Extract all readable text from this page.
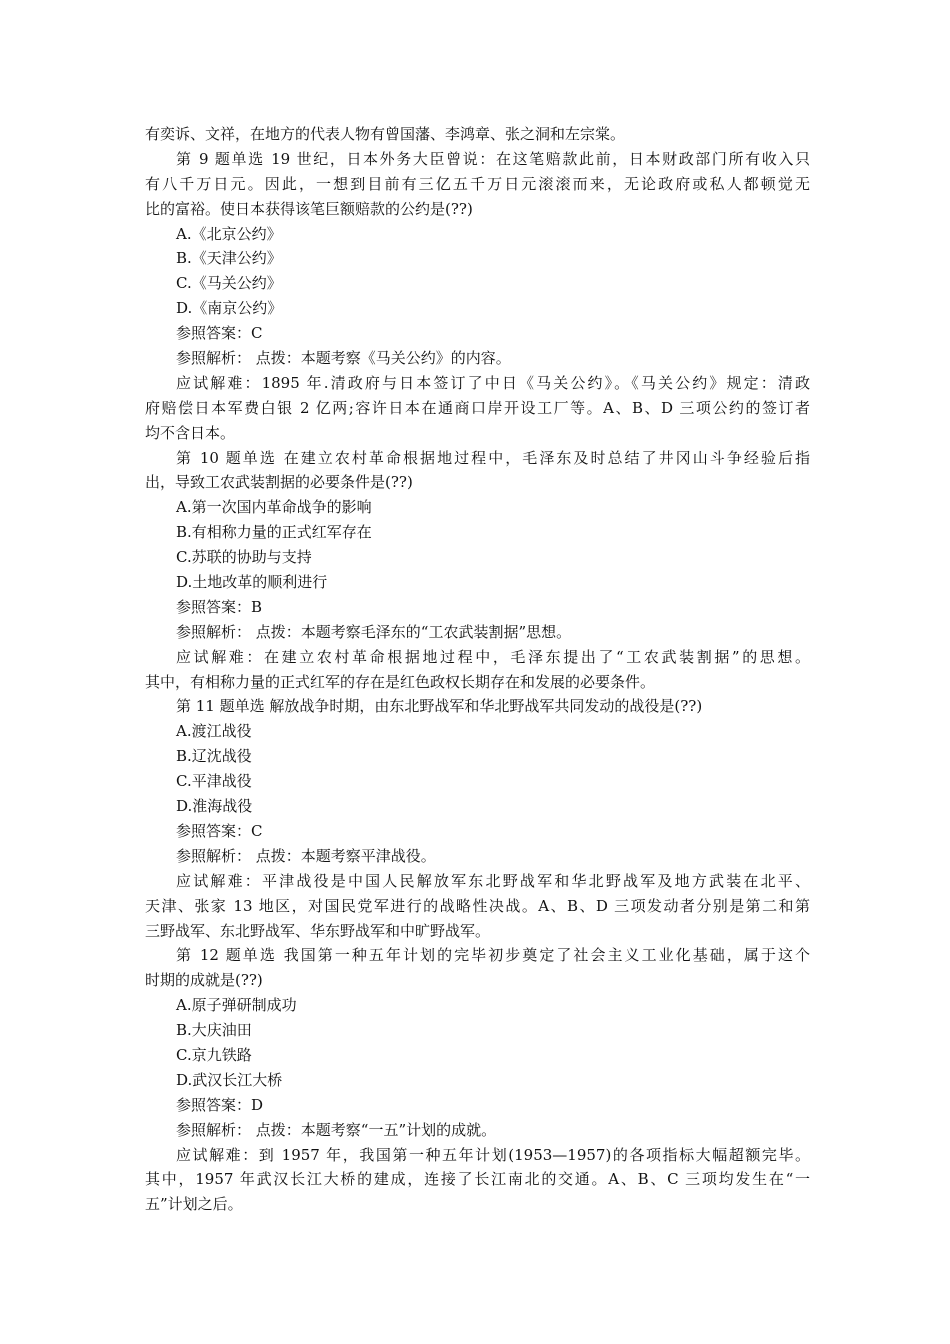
有奕诉、文祥，在地方的代表人物有曾国藩、李鸿章、张之洞和左宗棠。
第 9 题单选 19 世纪，日本外务大臣曾说：在这笔赔款此前，日本财政部门所有收入只
有八千万日元。因此，一想到目前有三亿五千万日元滚滚而来，无论政府或私人都顿觉无
比的富裕。使日本获得该笔巨额赔款的公约是(??)
A.《北京公约》
B.《天津公约》
C.《马关公约》
D.《南京公约》
参照答案：C
参照解析： 点拨：本题考察《马关公约》的内容。
应试解难：1895 年.清政府与日本签订了中日《马关公约》。《马关公约》规定：清政
府赔偿日本军费白银 2 亿两;容许日本在通商口岸开设工厂等。A、B、D 三项公约的签订者
均不含日本。
第 10 题单选 在建立农村革命根据地过程中，毛泽东及时总结了井冈山斗争经验后指
出，导致工农武装割据的必要条件是(??)
A.第一次国内革命战争的影响
B.有相称力量的正式红军存在
C.苏联的协助与支持
D.土地改革的顺利进行
参照答案：B
参照解析： 点拨：本题考察毛泽东的“工农武装割据”思想。
应试解难：在建立农村革命根据地过程中，毛泽东提出了“工农武装割据”的思想。
其中，有相称力量的正式红军的存在是红色政权长期存在和发展的必要条件。
第 11 题单选 解放战争时期，由东北野战军和华北野战军共同发动的战役是(??)
A.渡江战役
B.辽沈战役
C.平津战役
D.淮海战役
参照答案：C
参照解析： 点拨：本题考察平津战役。
应试解难：平津战役是中国人民解放军东北野战军和华北野战军及地方武装在北平、
天津、张家 13 地区，对国民党军进行的战略性决战。A、B、D 三项发动者分别是第二和第
三野战军、东北野战军、华东野战军和中旷野战军。
第 12 题单选 我国第一种五年计划的完毕初步奠定了社会主义工业化基础，属于这个
时期的成就是(??)
A.原子弹研制成功
B.大庆油田
C.京九铁路
D.武汉长江大桥
参照答案：D
参照解析： 点拨：本题考察“一五”计划的成就。
应试解难：到 1957 年，我国第一种五年计划(1953—1957)的各项指标大幅超额完毕。
其中，1957 年武汉长江大桥的建成，连接了长江南北的交通。A、B、C 三项均发生在“一
五”计划之后。
